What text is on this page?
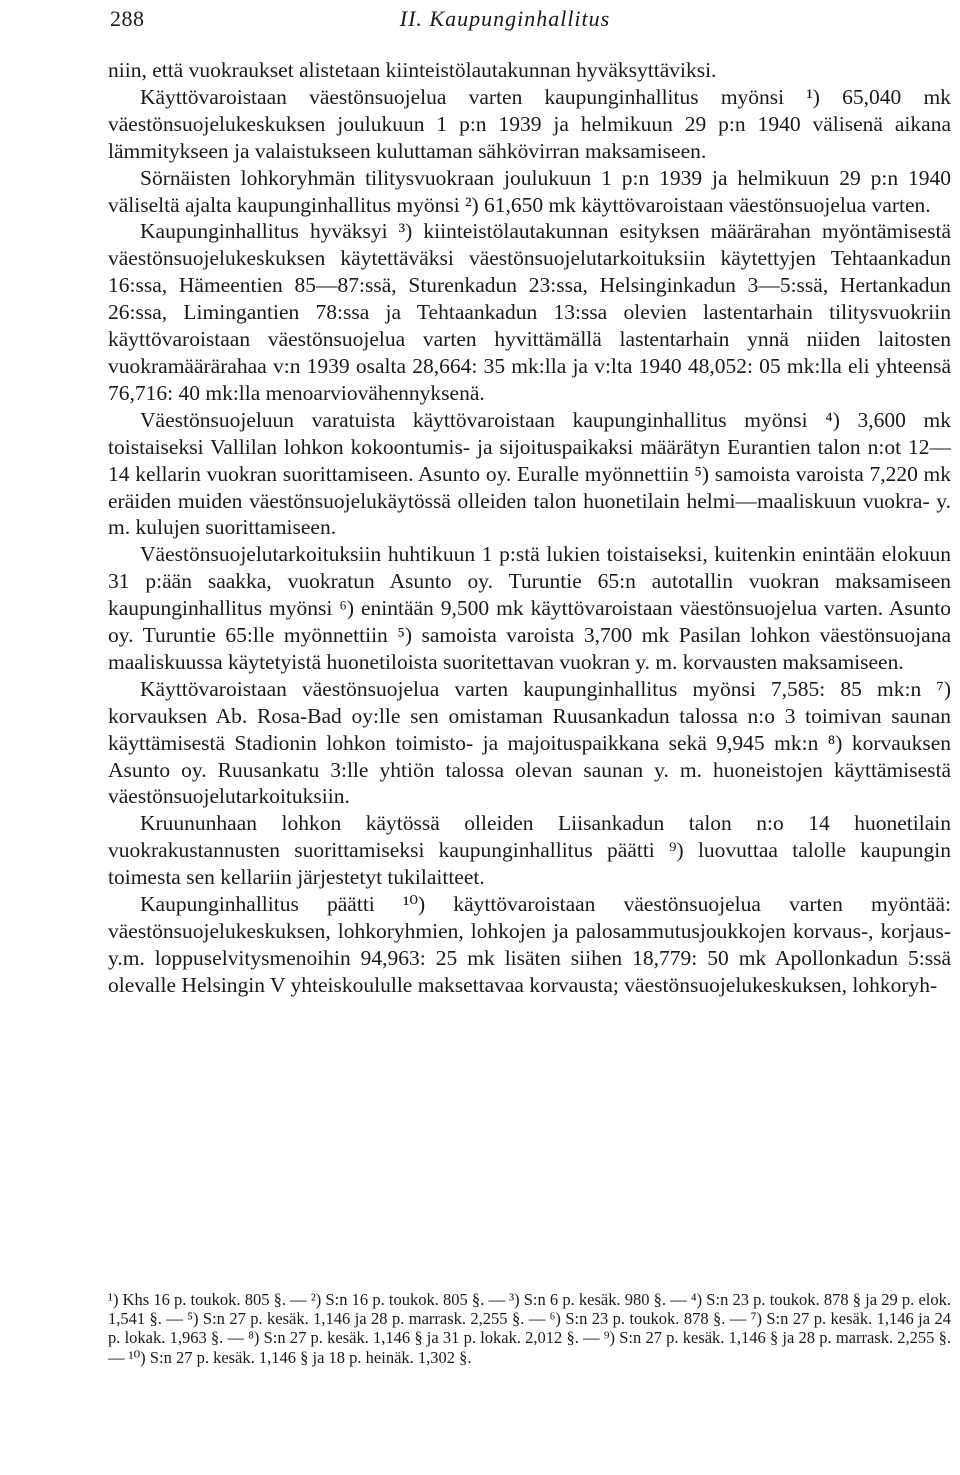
288	II. Kaupunginhallitus

niin, että vuokraukset alistetaan kiinteistölautakunnan hyväksyttäviksi.

Käyttövaroistaan väestönsuojelua varten kaupunginhallitus myönsi ¹) 65,040 mk väestönsuojelukeskuksen joulukuun 1 p:n 1939 ja helmikuun 29 p:n 1940 välisenä aikana lämmitykseen ja valaistukseen kuluttaman sähkövirran maksamiseen.

Sörnäisten lohkoryhmän tilitysvuokraan joulukuun 1 p:n 1939 ja helmikuun 29 p:n 1940 väliseltä ajalta kaupunginhallitus myönsi ²) 61,650 mk käyttövaroistaan väestönsuojelua varten.

Kaupunginhallitus hyväksyi ³) kiinteistölautakunnan esityksen määrärahan myöntämisestä väestönsuojelukeskuksen käytettäväksi väestönsuojelutarkoituksiin käytettyjen Tehtaankadun 16:ssa, Hämeentien 85—87:ssä, Sturenkadun 23:ssa, Helsinginkadun 3—5:ssä, Hertankadun 26:ssa, Limingantien 78:ssa ja Tehtaankadun 13:ssa olevien lastentarhain tilitysvuokriin käyttövaroistaan väestönsuojelua varten hyvittämällä lastentarhain ynnä niiden laitosten vuokramäärärahaa v:n 1939 osalta 28,664: 35 mk:lla ja v:lta 1940 48,052: 05 mk:lla eli yhteensä 76,716: 40 mk:lla menoarviovähennyksenä.

Väestönsuojeluun varatuista käyttövaroistaan kaupunginhallitus myönsi ⁴) 3,600 mk toistaiseksi Vallilan lohkon kokoontumis- ja sijoituspaikaksi määrätyn Eurantien talon n:ot 12—14 kellarin vuokran suorittamiseen. Asunto oy. Euralle myönnettiin ⁵) samoista varoista 7,220 mk eräiden muiden väestönsuojelukäytössä olleiden talon huonetilain helmi—maaliskuun vuokra- y. m. kulujen suorittamiseen.

Väestönsuojelutarkoituksiin huhtikuun 1 p:stä lukien toistaiseksi, kuitenkin enintään elokuun 31 p:ään saakka, vuokratun Asunto oy. Turuntie 65:n autotallin vuokran maksamiseen kaupunginhallitus myönsi ⁶) enintään 9,500 mk käyttövaroistaan väestönsuojelua varten. Asunto oy. Turuntie 65:lle myönnettiin ⁵) samoista varoista 3,700 mk Pasilan lohkon väestönsuojana maaliskuussa käytetyistä huonetiloista suoritettavan vuokran y. m. korvausten maksamiseen.

Käyttövaroistaan väestönsuojelua varten kaupunginhallitus myönsi 7,585: 85 mk:n ⁷) korvauksen Ab. Rosa-Bad oy:lle sen omistaman Ruusankadun talossa n:o 3 toimivan saunan käyttämisestä Stadionin lohkon toimisto- ja majoituspaikkana sekä 9,945 mk:n ⁸) korvauksen Asunto oy. Ruusankatu 3:lle yhtiön talossa olevan saunan y. m. huoneistojen käyttämisestä väestönsuojelutarkoituksiin.

Kruununhaan lohkon käytössä olleiden Liisankadun talon n:o 14 huonetilain vuokrakustannusten suorittamiseksi kaupunginhallitus päätti ⁹) luovuttaa talolle kaupungin toimesta sen kellariin järjestetyt tukilaitteet.

Kaupunginhallitus päätti ¹⁰) käyttövaroistaan väestönsuojelua varten myöntää: väestönsuojelukeskuksen, lohkoryhmien, lohkojen ja palosammutusjoukkojen korvaus-, korjaus- y.m. loppuselvitysmenoihin 94,963: 25 mk lisäten siihen 18,779: 50 mk Apollonkadun 5:ssä olevalle Helsingin V yhteiskoululle maksettavaa korvausta; väestönsuojelukeskuksen, lohkoryh-

¹) Khs 16 p. toukok. 805 §. — ²) S:n 16 p. toukok. 805 §. — ³) S:n 6 p. kesäk. 980 §. — ⁴) S:n 23 p. toukok. 878 § ja 29 p. elok. 1,541 §. — ⁵) S:n 27 p. kesäk. 1,146 ja 28 p. marrask. 2,255 §. — ⁶) S:n 23 p. toukok. 878 §. — ⁷) S:n 27 p. kesäk. 1,146 ja 24 p. lokak. 1,963 §. — ⁸) S:n 27 p. kesäk. 1,146 § ja 31 p. lokak. 2,012 §. — ⁹) S:n 27 p. kesäk. 1,146 § ja 28 p. marrask. 2,255 §. — ¹⁰) S:n 27 p. kesäk. 1,146 § ja 18 p. heinäk. 1,302 §.
